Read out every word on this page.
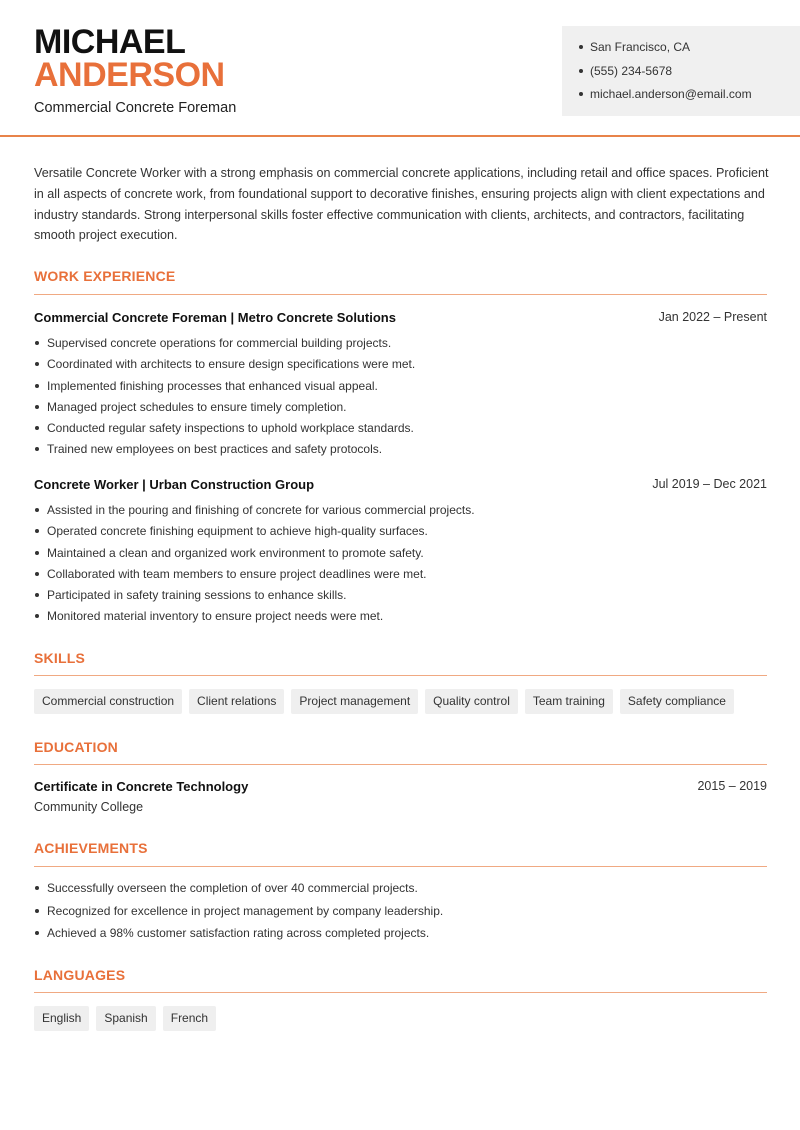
MICHAEL
ANDERSON
Commercial Concrete Foreman
San Francisco, CA
(555) 234-5678
michael.anderson@email.com

Versatile Concrete Worker with a strong emphasis on commercial concrete applications, including retail and office spaces. Proficient in all aspects of concrete work, from foundational support to decorative finishes, ensuring projects align with client expectations and industry standards. Strong interpersonal skills foster effective communication with clients, architects, and contractors, facilitating smooth project execution.

WORK EXPERIENCE
Commercial Concrete Foreman | Metro Concrete Solutions	Jan 2022 – Present
Supervised concrete operations for commercial building projects.
Coordinated with architects to ensure design specifications were met.
Implemented finishing processes that enhanced visual appeal.
Managed project schedules to ensure timely completion.
Conducted regular safety inspections to uphold workplace standards.
Trained new employees on best practices and safety protocols.
Concrete Worker | Urban Construction Group	Jul 2019 – Dec 2021
Assisted in the pouring and finishing of concrete for various commercial projects.
Operated concrete finishing equipment to achieve high-quality surfaces.
Maintained a clean and organized work environment to promote safety.
Collaborated with team members to ensure project deadlines were met.
Participated in safety training sessions to enhance skills.
Monitored material inventory to ensure project needs were met.
SKILLS
Commercial construction	Client relations	Project management	Quality control	Team training	Safety compliance
EDUCATION
Certificate in Concrete Technology	2015 – 2019
Community College
ACHIEVEMENTS
Successfully overseen the completion of over 40 commercial projects.
Recognized for excellence in project management by company leadership.
Achieved a 98% customer satisfaction rating across completed projects.
LANGUAGES
English	Spanish	French
